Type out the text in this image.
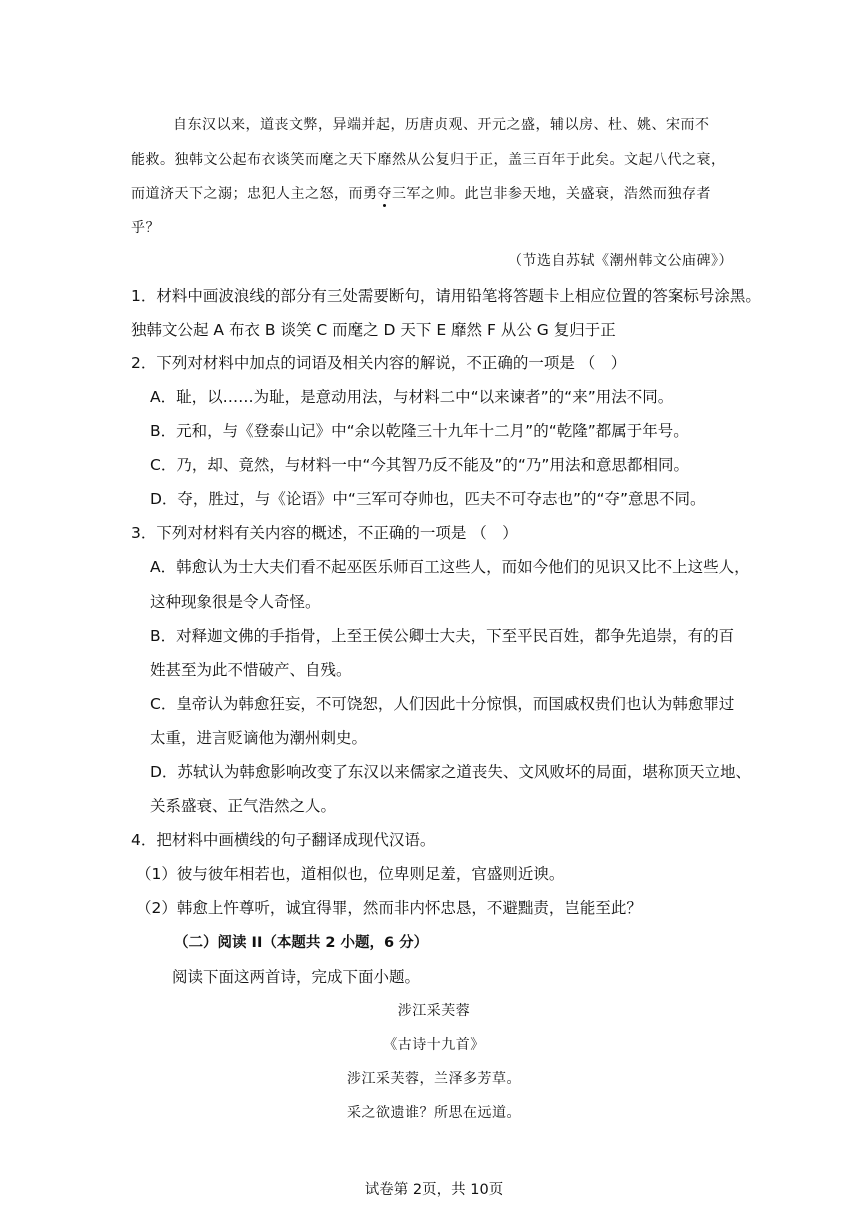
自东汉以来，道丧文弊，异端并起，历唐贞观、开元之盛，辅以房、杜、姚、宋而不
能救。独韩文公起布衣谈笑而麾之天下靡然从公复归于正，盖三百年于此矣。文起八代之衰，
而道济天下之溺；忠犯人主之怒，而勇夺三军之帅。此岂非参天地，关盛衰，浩然而独存者
乎？
（节选自苏轼《潮州韩文公庙碑》）
1．材料中画波浪线的部分有三处需要断句，请用铅笔将答题卡上相应位置的答案标号涂黑。
独韩文公起 A 布衣 B 谈笑 C 而麾之 D 天下 E 靡然 F 从公 G 复归于正
2．下列对材料中加点的词语及相关内容的解说，不正确的一项是 （　）
A．耻，以……为耻，是意动用法，与材料二中“以来谏者”的“来”用法不同。
B．元和，与《登泰山记》中“余以乾隆三十九年十二月”的“乾隆”都属于年号。
C．乃，却、竟然，与材料一中“今其智乃反不能及”的“乃”用法和意思都相同。
D．夺，胜过，与《论语》中“三军可夺帅也，匹夫不可夺志也”的“夺”意思不同。
3．下列对材料有关内容的概述，不正确的一项是 （　）
A．韩愈认为士大夫们看不起巫医乐师百工这些人，而如今他们的见识又比不上这些人，
这种现象很是令人奇怪。
B．对释迦文佛的手指骨，上至王侯公卿士大夫，下至平民百姓，都争先追崇，有的百
姓甚至为此不惜破产、自残。
C．皇帝认为韩愈狂妄，不可饶恕，人们因此十分惊惧，而国戚权贵们也认为韩愈罪过
太重，进言贬谪他为潮州刺史。
D．苏轼认为韩愈影响改变了东汉以来儒家之道丧失、文风败坏的局面，堪称顶天立地、
关系盛衰、正气浩然之人。
4．把材料中画横线的句子翻译成现代汉语。
（1）彼与彼年相若也，道相似也，位卑则足羞，官盛则近谀。
（2）韩愈上忤尊听，诚宜得罪，然而非内怀忠恳，不避黜责，岂能至此？
（二）阅读 II（本题共 2 小题，6 分）
阅读下面这两首诗，完成下面小题。
涉江采芙蓉
《古诗十九首》
涉江采芙蓉，兰泽多芳草。
采之欲遗谁？所思在远道。
试卷第 2页，共 10页
